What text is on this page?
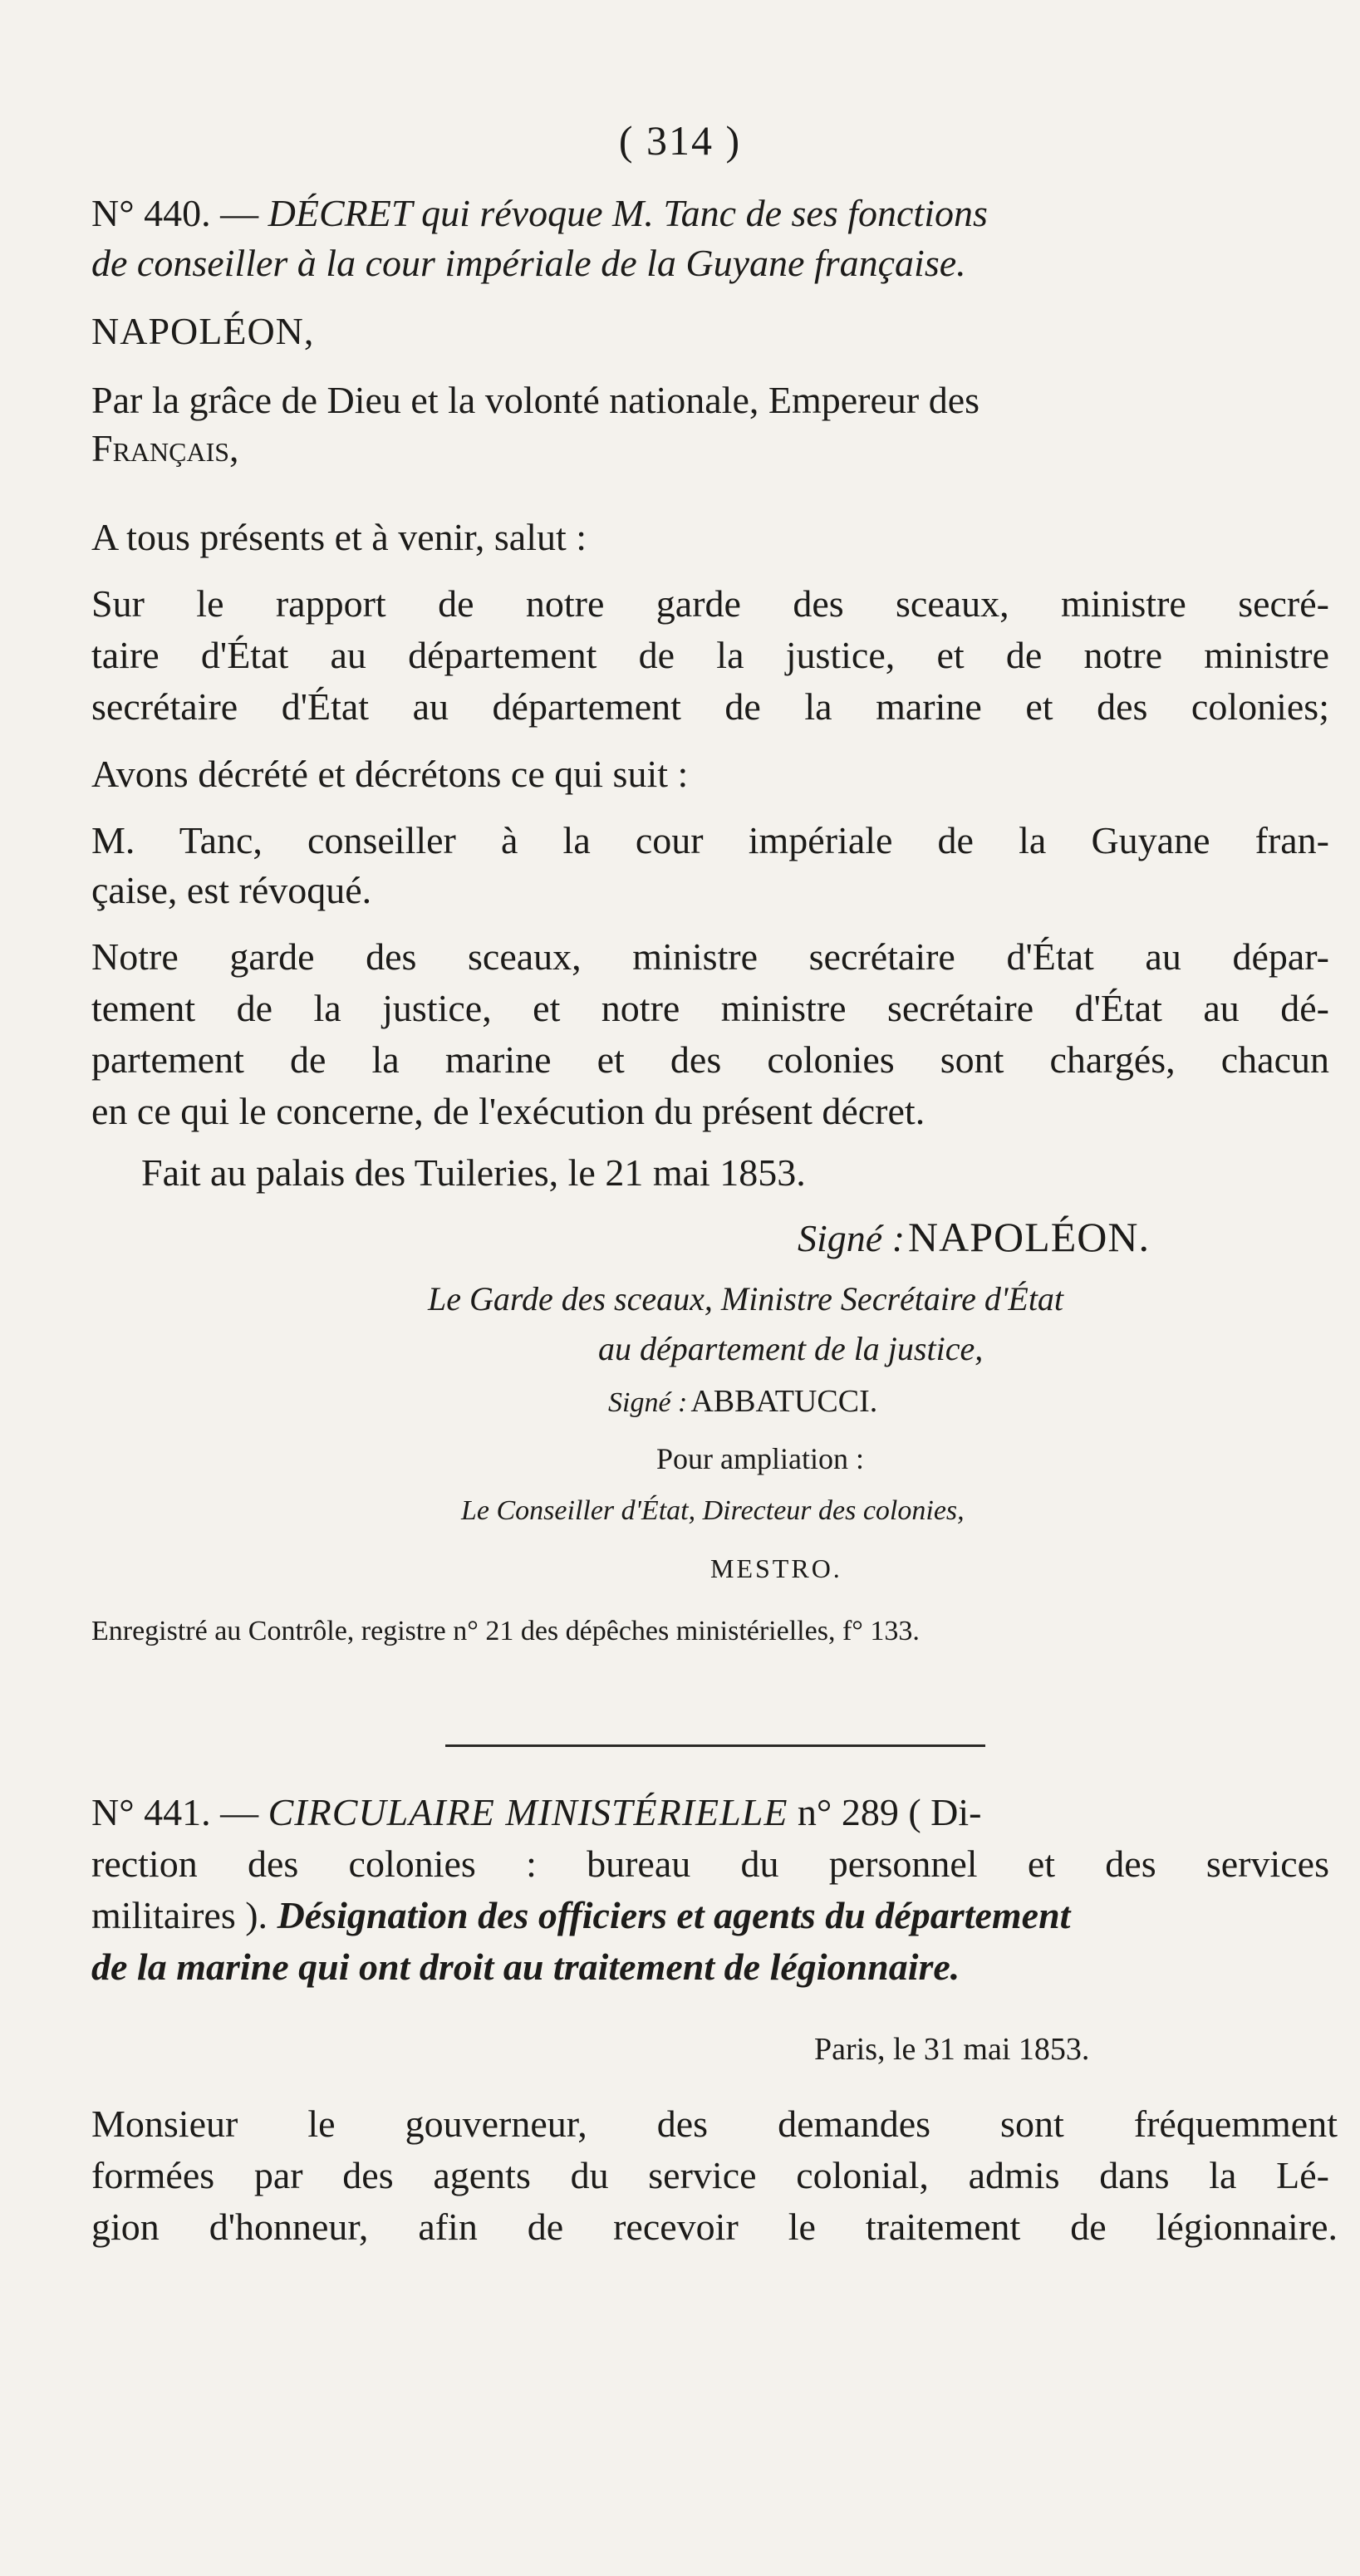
( 314 )
N° 440. — DÉCRET qui révoque M. Tanc de ses fonctions
de conseiller à la cour impériale de la Guyane française.
NAPOLÉON,
Par la grâce de Dieu et la volonté nationale, Empereur des
Français,
A tous présents et à venir, salut :
Sur le rapport de notre garde des sceaux, ministre secré-
taire d'État au département de la justice, et de notre ministre
secrétaire d'État au département de la marine et des colonies;
Avons décrété et décrétons ce qui suit :
M. Tanc, conseiller à la cour impériale de la Guyane fran-
çaise, est révoqué.
Notre garde des sceaux, ministre secrétaire d'État au dépar-
tement de la justice, et notre ministre secrétaire d'État au dé-
partement de la marine et des colonies sont chargés, chacun
en ce qui le concerne, de l'exécution du présent décret.
Fait au palais des Tuileries, le 21 mai 1853.
Signé : NAPOLÉON.
Le Garde des sceaux, Ministre Secrétaire d'État
au département de la justice,
Signé : ABBATUCCI.
Pour ampliation :
Le Conseiller d'État, Directeur des colonies,
MESTRO.
Enregistré au Contrôle, registre n° 21 des dépêches ministérielles, f° 133.
N° 441. — CIRCULAIRE MINISTÉRIELLE n° 289 ( Di-
rection des colonies : bureau du personnel et des services
militaires ). Désignation des officiers et agents du département
de la marine qui ont droit au traitement de légionnaire.
Paris, le 31 mai 1853.
Monsieur le gouverneur, des demandes sont fréquemment
formées par des agents du service colonial, admis dans la Lé-
gion d'honneur, afin de recevoir le traitement de légionnaire.
